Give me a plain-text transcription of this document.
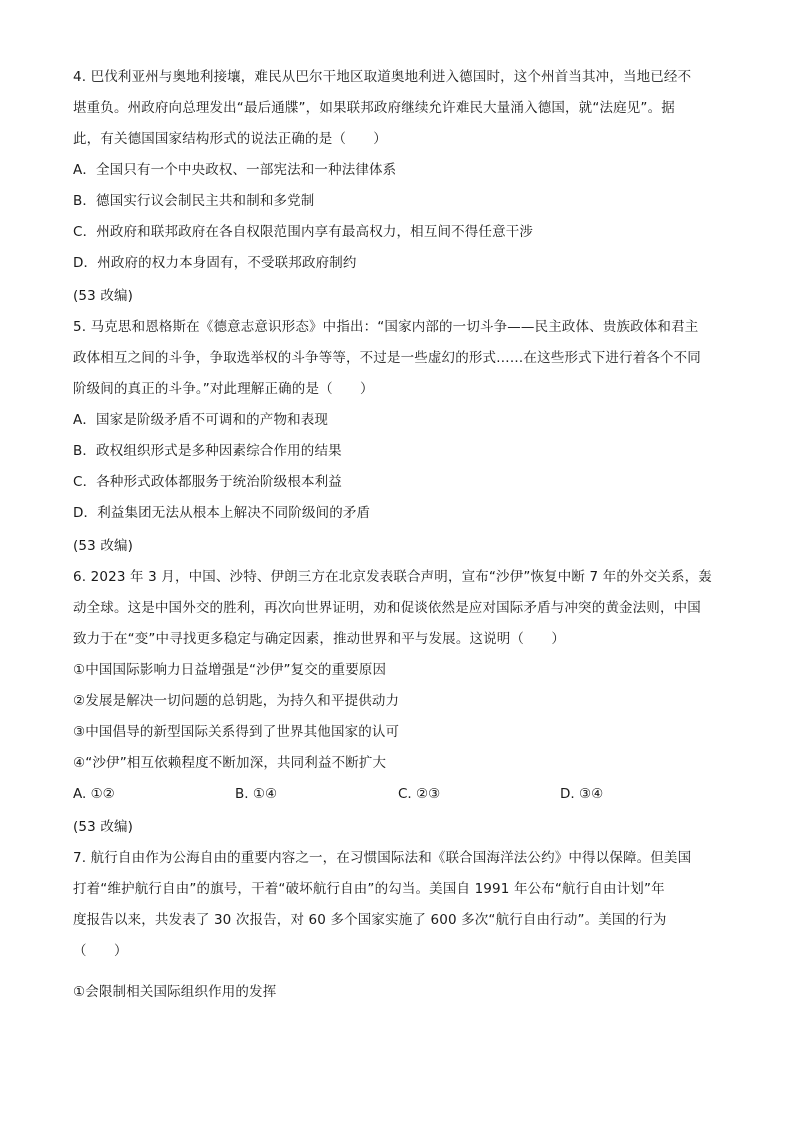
4. 巴伐利亚州与奥地利接壤，难民从巴尔干地区取道奥地利进入德国时，这个州首当其冲，当地已经不
堪重负。州政府向总理发出“最后通牒”，如果联邦政府继续允许难民大量涌入德国，就“法庭见”。据
此，有关德国国家结构形式的说法正确的是（　　）
A．全国只有一个中央政权、一部宪法和一种法律体系
B．德国实行议会制民主共和制和多党制
C．州政府和联邦政府在各自权限范围内享有最高权力，相互间不得任意干涉
D．州政府的权力本身固有，不受联邦政府制约
(53 改编)
5. 马克思和恩格斯在《德意志意识形态》中指出：“国家内部的一切斗争——民主政体、贵族政体和君主
政体相互之间的斗争，争取选举权的斗争等等，不过是一些虚幻的形式……在这些形式下进行着各个不同
阶级间的真正的斗争。”对此理解正确的是（　　）
A．国家是阶级矛盾不可调和的产物和表现
B．政权组织形式是多种因素综合作用的结果
C．各种形式政体都服务于统治阶级根本利益
D．利益集团无法从根本上解决不同阶级间的矛盾
(53 改编)
6. 2023 年 3 月，中国、沙特、伊朗三方在北京发表联合声明，宣布“沙伊”恢复中断 7 年的外交关系，轰
动全球。这是中国外交的胜利，再次向世界证明，劝和促谈依然是应对国际矛盾与冲突的黄金法则，中国
致力于在“变”中寻找更多稳定与确定因素，推动世界和平与发展。这说明（　　）
①中国国际影响力日益增强是“沙伊”复交的重要原因
②发展是解决一切问题的总钥匙，为持久和平提供动力
③中国倡导的新型国际关系得到了世界其他国家的认可
④“沙伊”相互依赖程度不断加深，共同利益不断扩大
A. ①②	B. ①④	C. ②③	D. ③④
(53 改编)
7. 航行自由作为公海自由的重要内容之一，在习惯国际法和《联合国海洋法公约》中得以保障。但美国
打着“维护航行自由”的旗号，干着“破坏航行自由”的勾当。美国自 1991 年公布“航行自由计划”年
度报告以来，共发表了 30 次报告，对 60 多个国家实施了 600 多次“航行自由行动”。美国的行为
（　　）
①会限制相关国际组织作用的发挥
